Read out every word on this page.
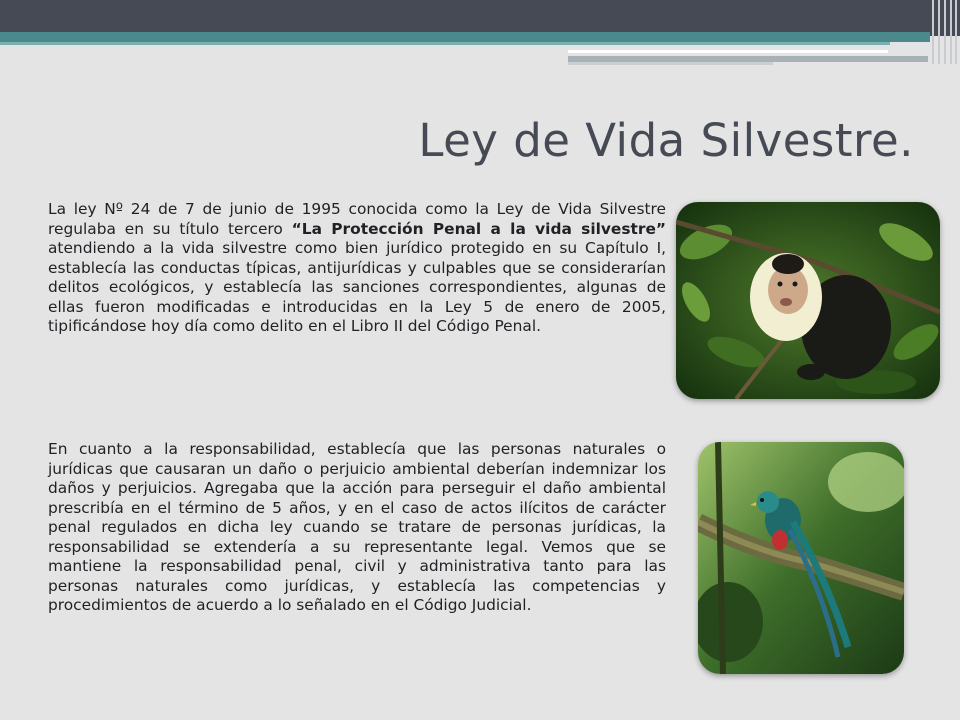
Ley de Vida Silvestre.

La ley Nº 24 de 7 de junio de 1995 conocida como la Ley de Vida Silvestre regulaba en su título tercero “La Protección Penal a la vida silvestre” atendiendo a la vida silvestre como bien jurídico protegido en su Capítulo I, establecía las conductas típicas, antijurídicas y culpables que se considerarían delitos ecológicos, y establecía las sanciones correspondientes, algunas de ellas fueron modificadas e introducidas en la Ley 5 de enero de 2005, tipificándose hoy día como delito en el Libro II del Código Penal.

En cuanto a la responsabilidad, establecía que las personas naturales o jurídicas que causaran un daño o perjuicio ambiental deberían indemnizar los daños y perjuicios. Agregaba que la acción para perseguir el daño ambiental prescribía en el término de 5 años, y en el caso de actos ilícitos de carácter penal regulados en dicha ley cuando se tratare de personas jurídicas, la responsabilidad se extendería a su representante legal. Vemos que se mantiene la responsabilidad penal, civil y administrativa tanto para las personas naturales como jurídicas, y establecía las competencias y procedimientos de acuerdo a lo señalado en el Código Judicial.
